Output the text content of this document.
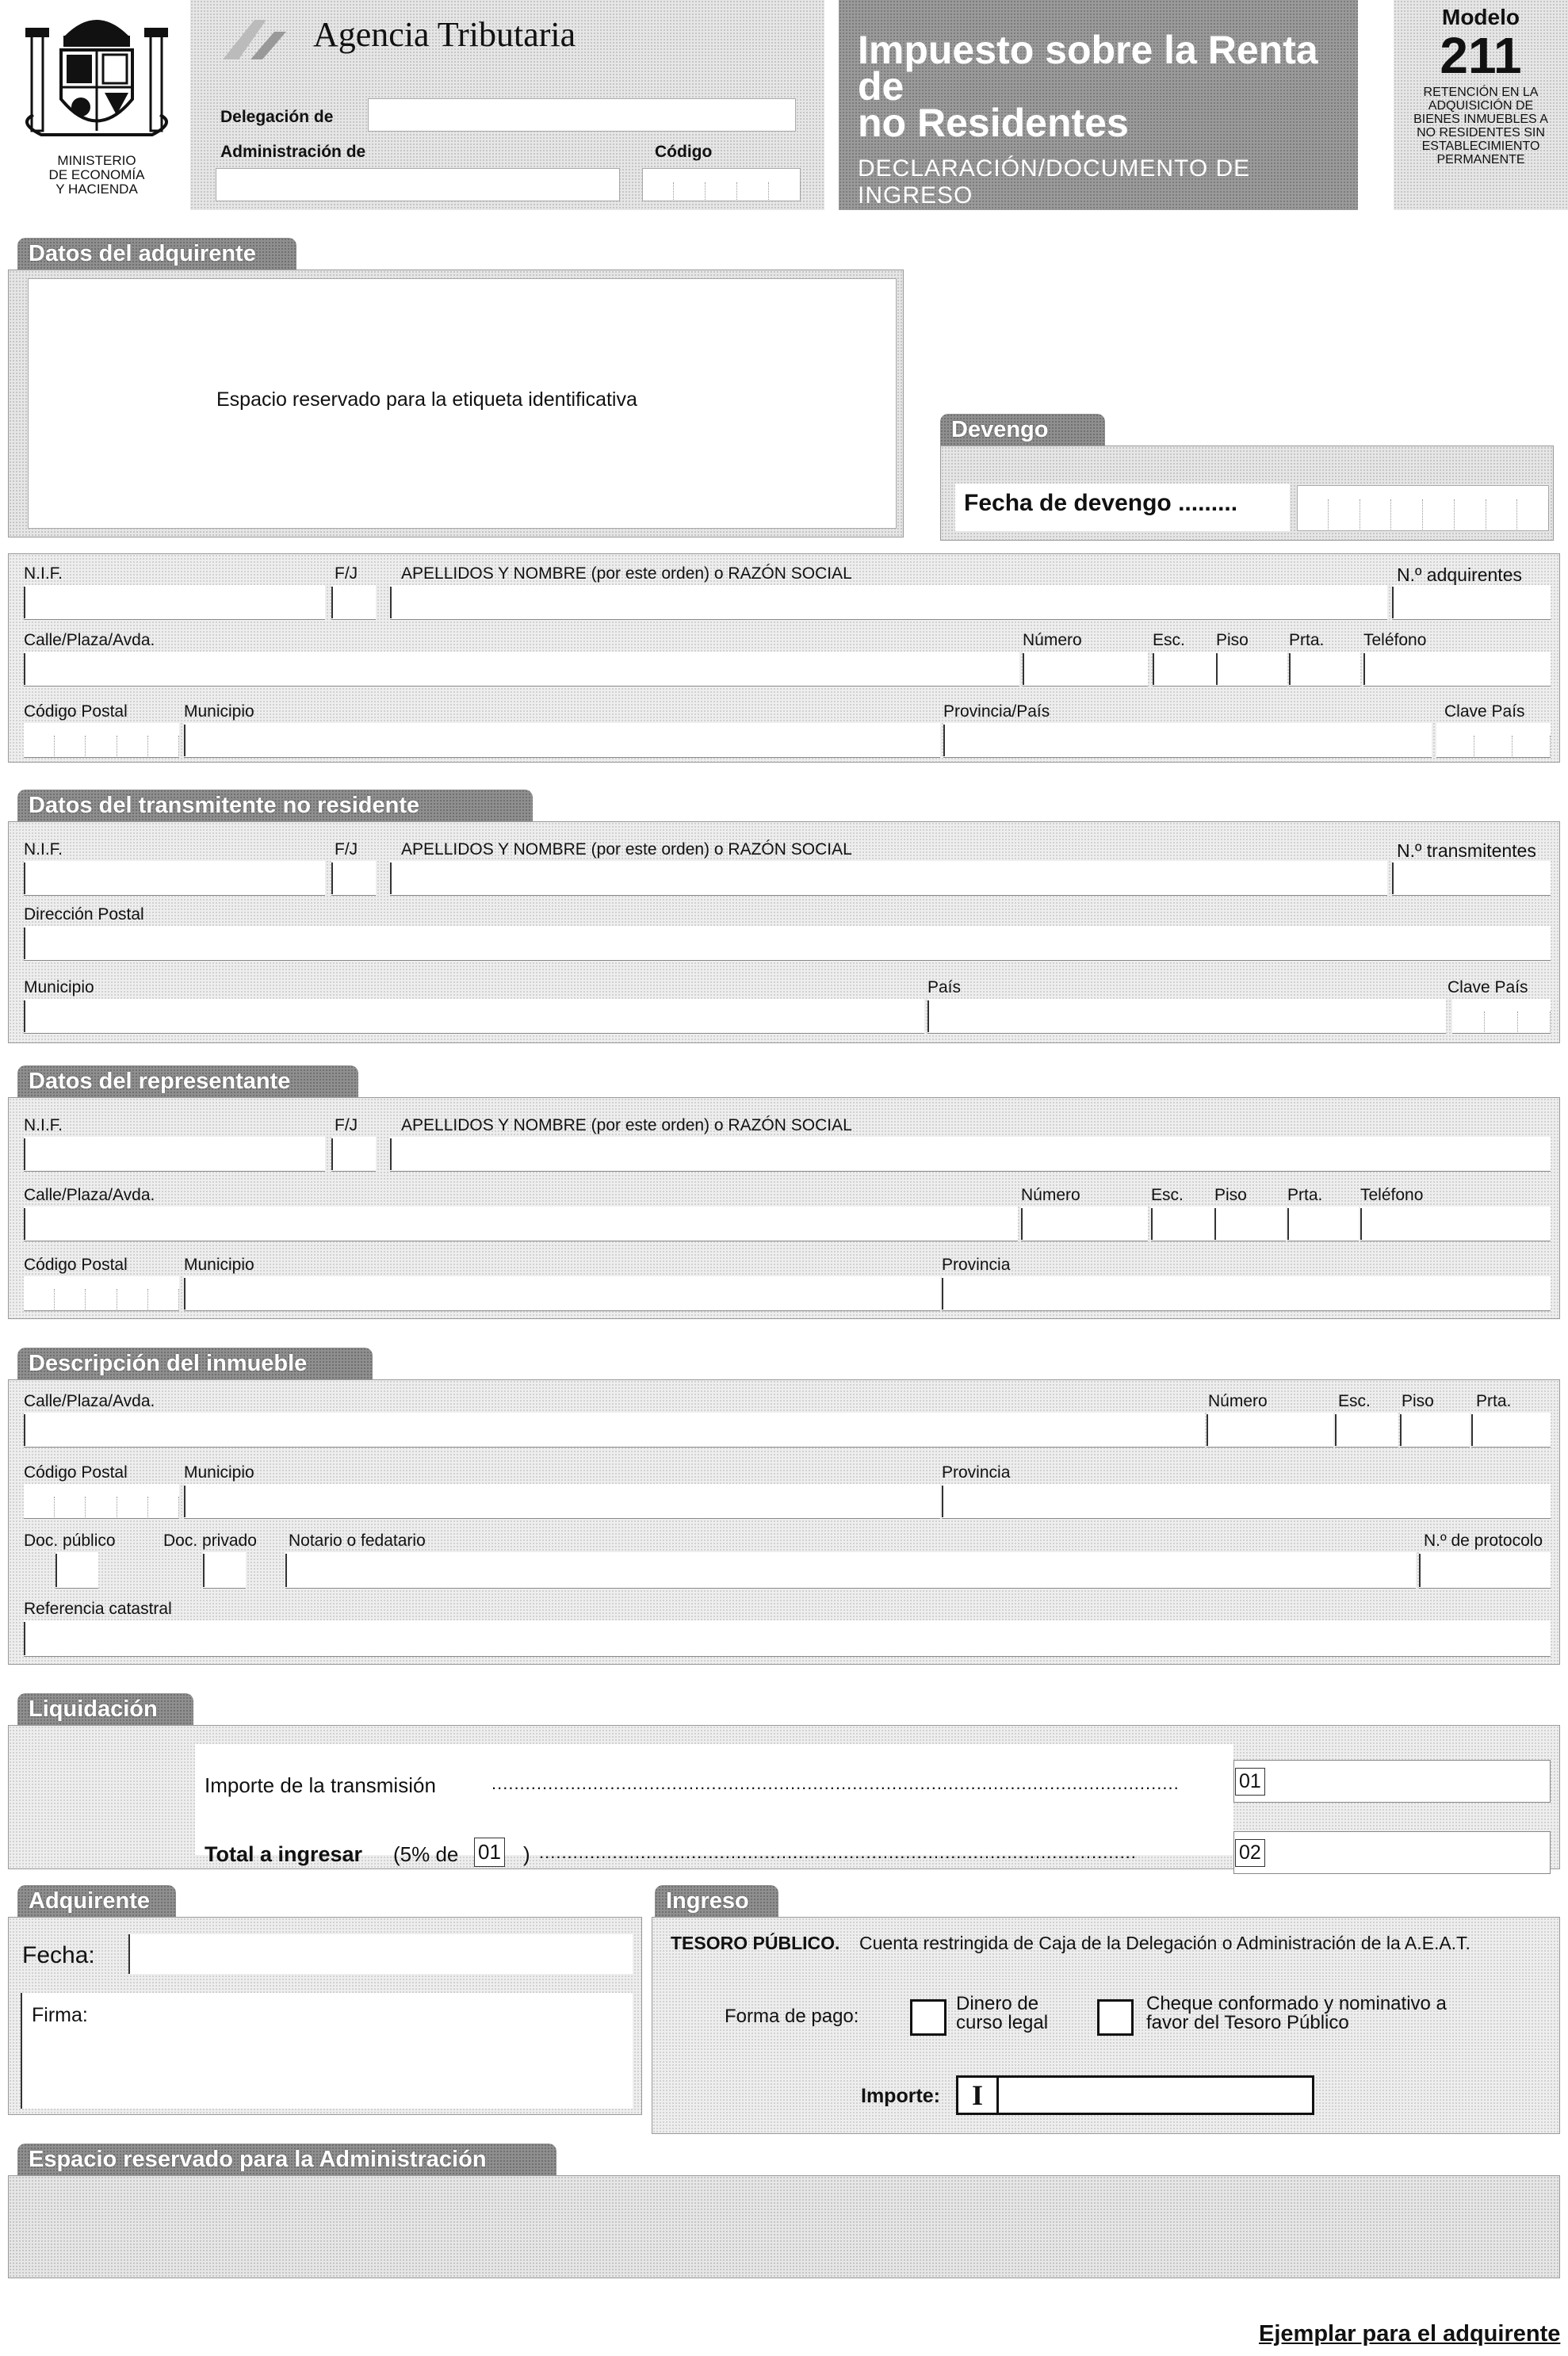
MINISTERIO
DE ECONOMÍA
Y HACIENDA
Agencia Tributaria
Delegación de
Administración de	Código
Impuesto sobre la Renta de
no Residentes
DECLARACIÓN/DOCUMENTO DE INGRESO
Modelo
211
RETENCIÓN EN LA
ADQUISICIÓN DE
BIENES INMUEBLES A
NO RESIDENTES SIN
ESTABLECIMIENTO
PERMANENTE
Datos del adquirente
Espacio reservado para la etiqueta identificativa
Devengo
Fecha de devengo .........
N.I.F.	F/J	APELLIDOS Y NOMBRE (por este orden) o RAZÓN SOCIAL	N.º adquirentes
Calle/Plaza/Avda.	Número	Esc. Piso Prta. Teléfono
Código Postal	Municipio	Provincia/País	Clave País
Datos del transmitente no residente
N.I.F.	F/J	APELLIDOS Y NOMBRE (por este orden) o RAZÓN SOCIAL	N.º transmitentes
Dirección Postal
Municipio	País	Clave País
Datos del representante
N.I.F.	F/J	APELLIDOS Y NOMBRE (por este orden) o RAZÓN SOCIAL
Calle/Plaza/Avda.	Número	Esc. Piso Prta. Teléfono
Código Postal	Municipio	Provincia
Descripción del inmueble
Calle/Plaza/Avda.	Número	Esc. Piso	Prta.
Código Postal	Municipio	Provincia
Doc. público	Doc. privado Notario o fedatario	N.º de protocolo
Referencia catastral
Liquidación
Importe de la transmisión	..........................................................................................................................	01
Total a ingresar (5% de 01 ) ..........................................................................................................	02
Adquirente
Fecha:
Firma:
Ingreso
TESORO PÚBLICO. Cuenta restringida de Caja de la Delegación o Administración de la A.E.A.T.
Forma de pago:
Dinero de
curso legal
Cheque conformado y nominativo a
favor del Tesoro Público
Importe:	I
Espacio reservado para la Administración
Ejemplar para el adquirente
